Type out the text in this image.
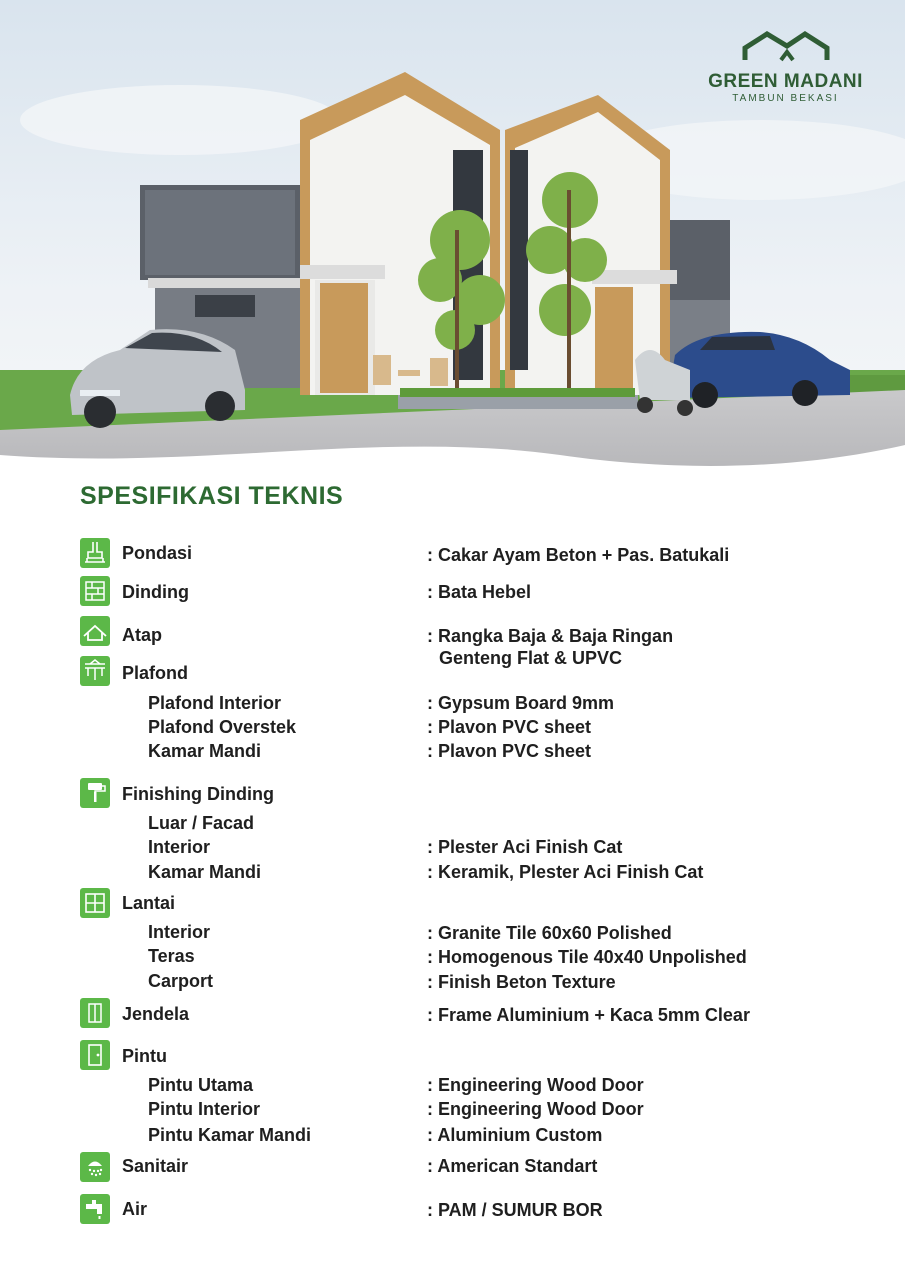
GREEN MADANI
TAMBUN BEKASI
SPESIFIKASI TEKNIS
Pondasi	: Cakar Ayam Beton + Pas. Batukali
Dinding	: Bata Hebel
Atap	: Rangka Baja & Baja Ringan
Genteng Flat & UPVC
Plafond
Plafond Interior	: Gypsum Board 9mm
Plafond Overstek	: Plavon PVC sheet
Kamar Mandi	: Plavon PVC sheet
Finishing Dinding
Luar / Facad
Interior	: Plester Aci Finish Cat
Kamar Mandi	: Keramik, Plester Aci Finish Cat
Lantai
Interior	: Granite Tile 60x60 Polished
Teras	: Homogenous Tile 40x40 Unpolished
Carport	: Finish Beton Texture
Jendela	: Frame Aluminium + Kaca 5mm Clear
Pintu
Pintu Utama	: Engineering Wood Door
Pintu Interior	: Engineering Wood Door
Pintu Kamar Mandi	: Aluminium Custom
Sanitair	: American Standart
Air	: PAM / SUMUR BOR
